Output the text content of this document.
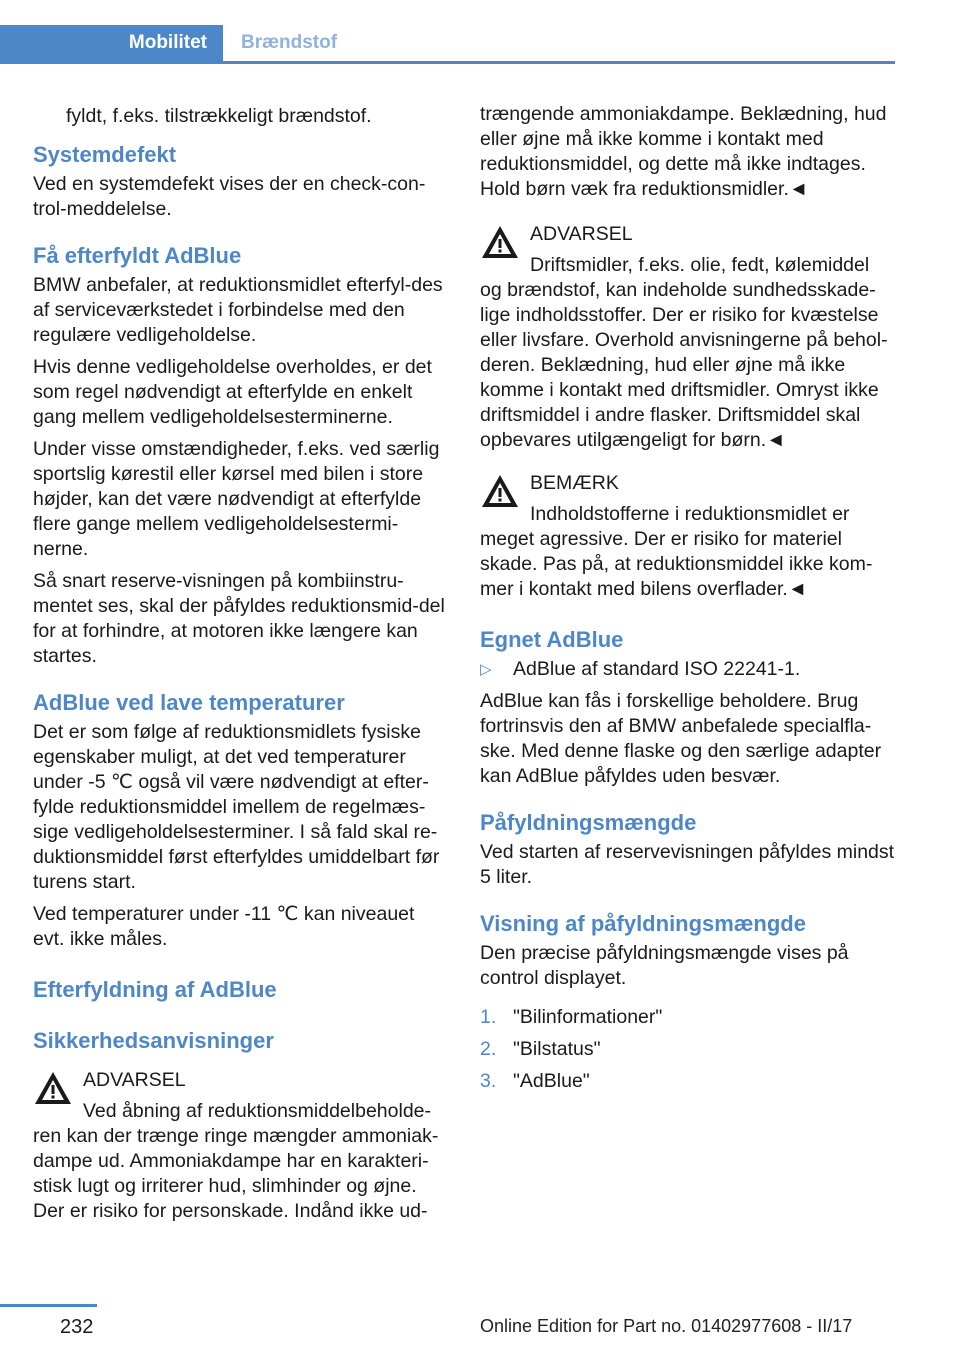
Mobilitet Brændstof

fyldt, f.eks. tilstrækkeligt brændstof.

Systemdefekt

Ved en systemdefekt vises der en check-con-trol-meddelelse.

Få efterfyldt AdBlue

BMW anbefaler, at reduktionsmidlet efterfyl-des af serviceværkstedet i forbindelse med den regulære vedligeholdelse.

Hvis denne vedligeholdelse overholdes, er det som regel nødvendigt at efterfylde en enkelt gang mellem vedligeholdelsesterminerne.

Under visse omstændigheder, f.eks. ved særlig sportslig kørestil eller kørsel med bilen i store højder, kan det være nødvendigt at efterfylde flere gange mellem vedligeholdelsestermi-nerne.

Så snart reserve-visningen på kombiinstru-mentet ses, skal der påfyldes reduktionsmid-del for at forhindre, at motoren ikke længere kan startes.

AdBlue ved lave temperaturer

Det er som følge af reduktionsmidlets fysiske egenskaber muligt, at det ved temperaturer under -5 ℃ også vil være nødvendigt at efter-fylde reduktionsmiddel imellem de regelmæs-sige vedligeholdelsesterminer. I så fald skal re-duktionsmiddel først efterfyldes umiddelbart før turens start.

Ved temperaturer under -11 ℃ kan niveauet evt. ikke måles.

Efterfyldning af AdBlue
Sikkerhedsanvisninger

ADVARSEL

Ved åbning af reduktionsmiddelbeholde-ren kan der trænge ringe mængder ammoniak-dampe ud. Ammoniakdampe har en karakteri-stisk lugt og irriterer hud, slimhinder og øjne. Der er risiko for personskade. Indånd ikke ud-

trængende ammoniakdampe. Beklædning, hud eller øjne må ikke komme i kontakt med reduktionsmiddel, og dette må ikke indtages. Hold børn væk fra reduktionsmidler.◄

ADVARSEL

Driftsmidler, f.eks. olie, fedt, kølemiddel og brændstof, kan indeholde sundhedsskade-lige indholdsstoffer. Der er risiko for kvæstelse eller livsfare. Overhold anvisningerne på behol-deren. Beklædning, hud eller øjne må ikke komme i kontakt med driftsmidler. Omryst ikke driftsmiddel i andre flasker. Driftsmiddel skal opbevares utilgængeligt for børn.◄

BEMÆRK

Indholdstofferne i reduktionsmidlet er meget agressive. Der er risiko for materiel skade. Pas på, at reduktionsmiddel ikke kom-mer i kontakt med bilens overflader.◄

Egnet AdBlue
▷ AdBlue af standard ISO 22241-1.

AdBlue kan fås i forskellige beholdere. Brug fortrinsvis den af BMW anbefalede specialfla-ske. Med denne flaske og den særlige adapter kan AdBlue påfyldes uden besvær.

Påfyldningsmængde

Ved starten af reservevisningen påfyldes mindst 5 liter.

Visning af påfyldningsmængde

Den præcise påfyldningsmængde vises på control displayet.

1. "Bilinformationer"
2. "Bilstatus"
3. "AdBlue"
232	Online Edition for Part no. 01402977608 - II/17
